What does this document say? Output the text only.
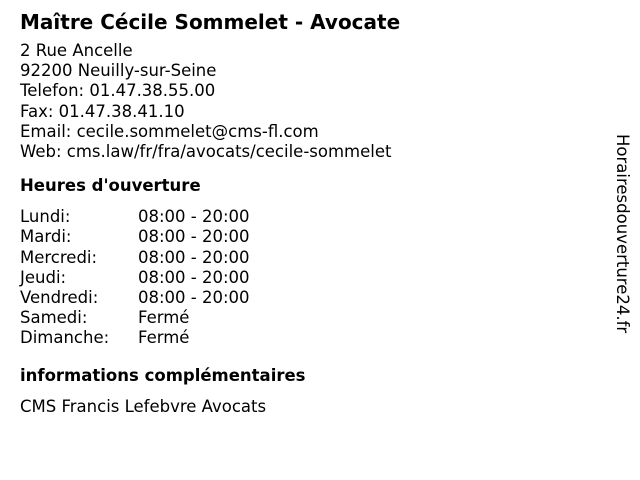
Maître Cécile Sommelet - Avocate
2 Rue Ancelle
92200 Neuilly-sur-Seine
Telefon: 01.47.38.55.00
Fax: 01.47.38.41.10
Email: cecile.sommelet@cms-fl.com
Web: cms.law/fr/fra/avocats/cecile-sommelet
Heures d'ouverture
Lundi:	08:00 - 20:00
Mardi:	08:00 - 20:00
Mercredi:	08:00 - 20:00
Jeudi:	08:00 - 20:00
Vendredi:	08:00 - 20:00
Samedi:	Fermé
Dimanche:	Fermé
informations complémentaires
CMS Francis Lefebvre Avocats
Horairesdouverture24.fr
